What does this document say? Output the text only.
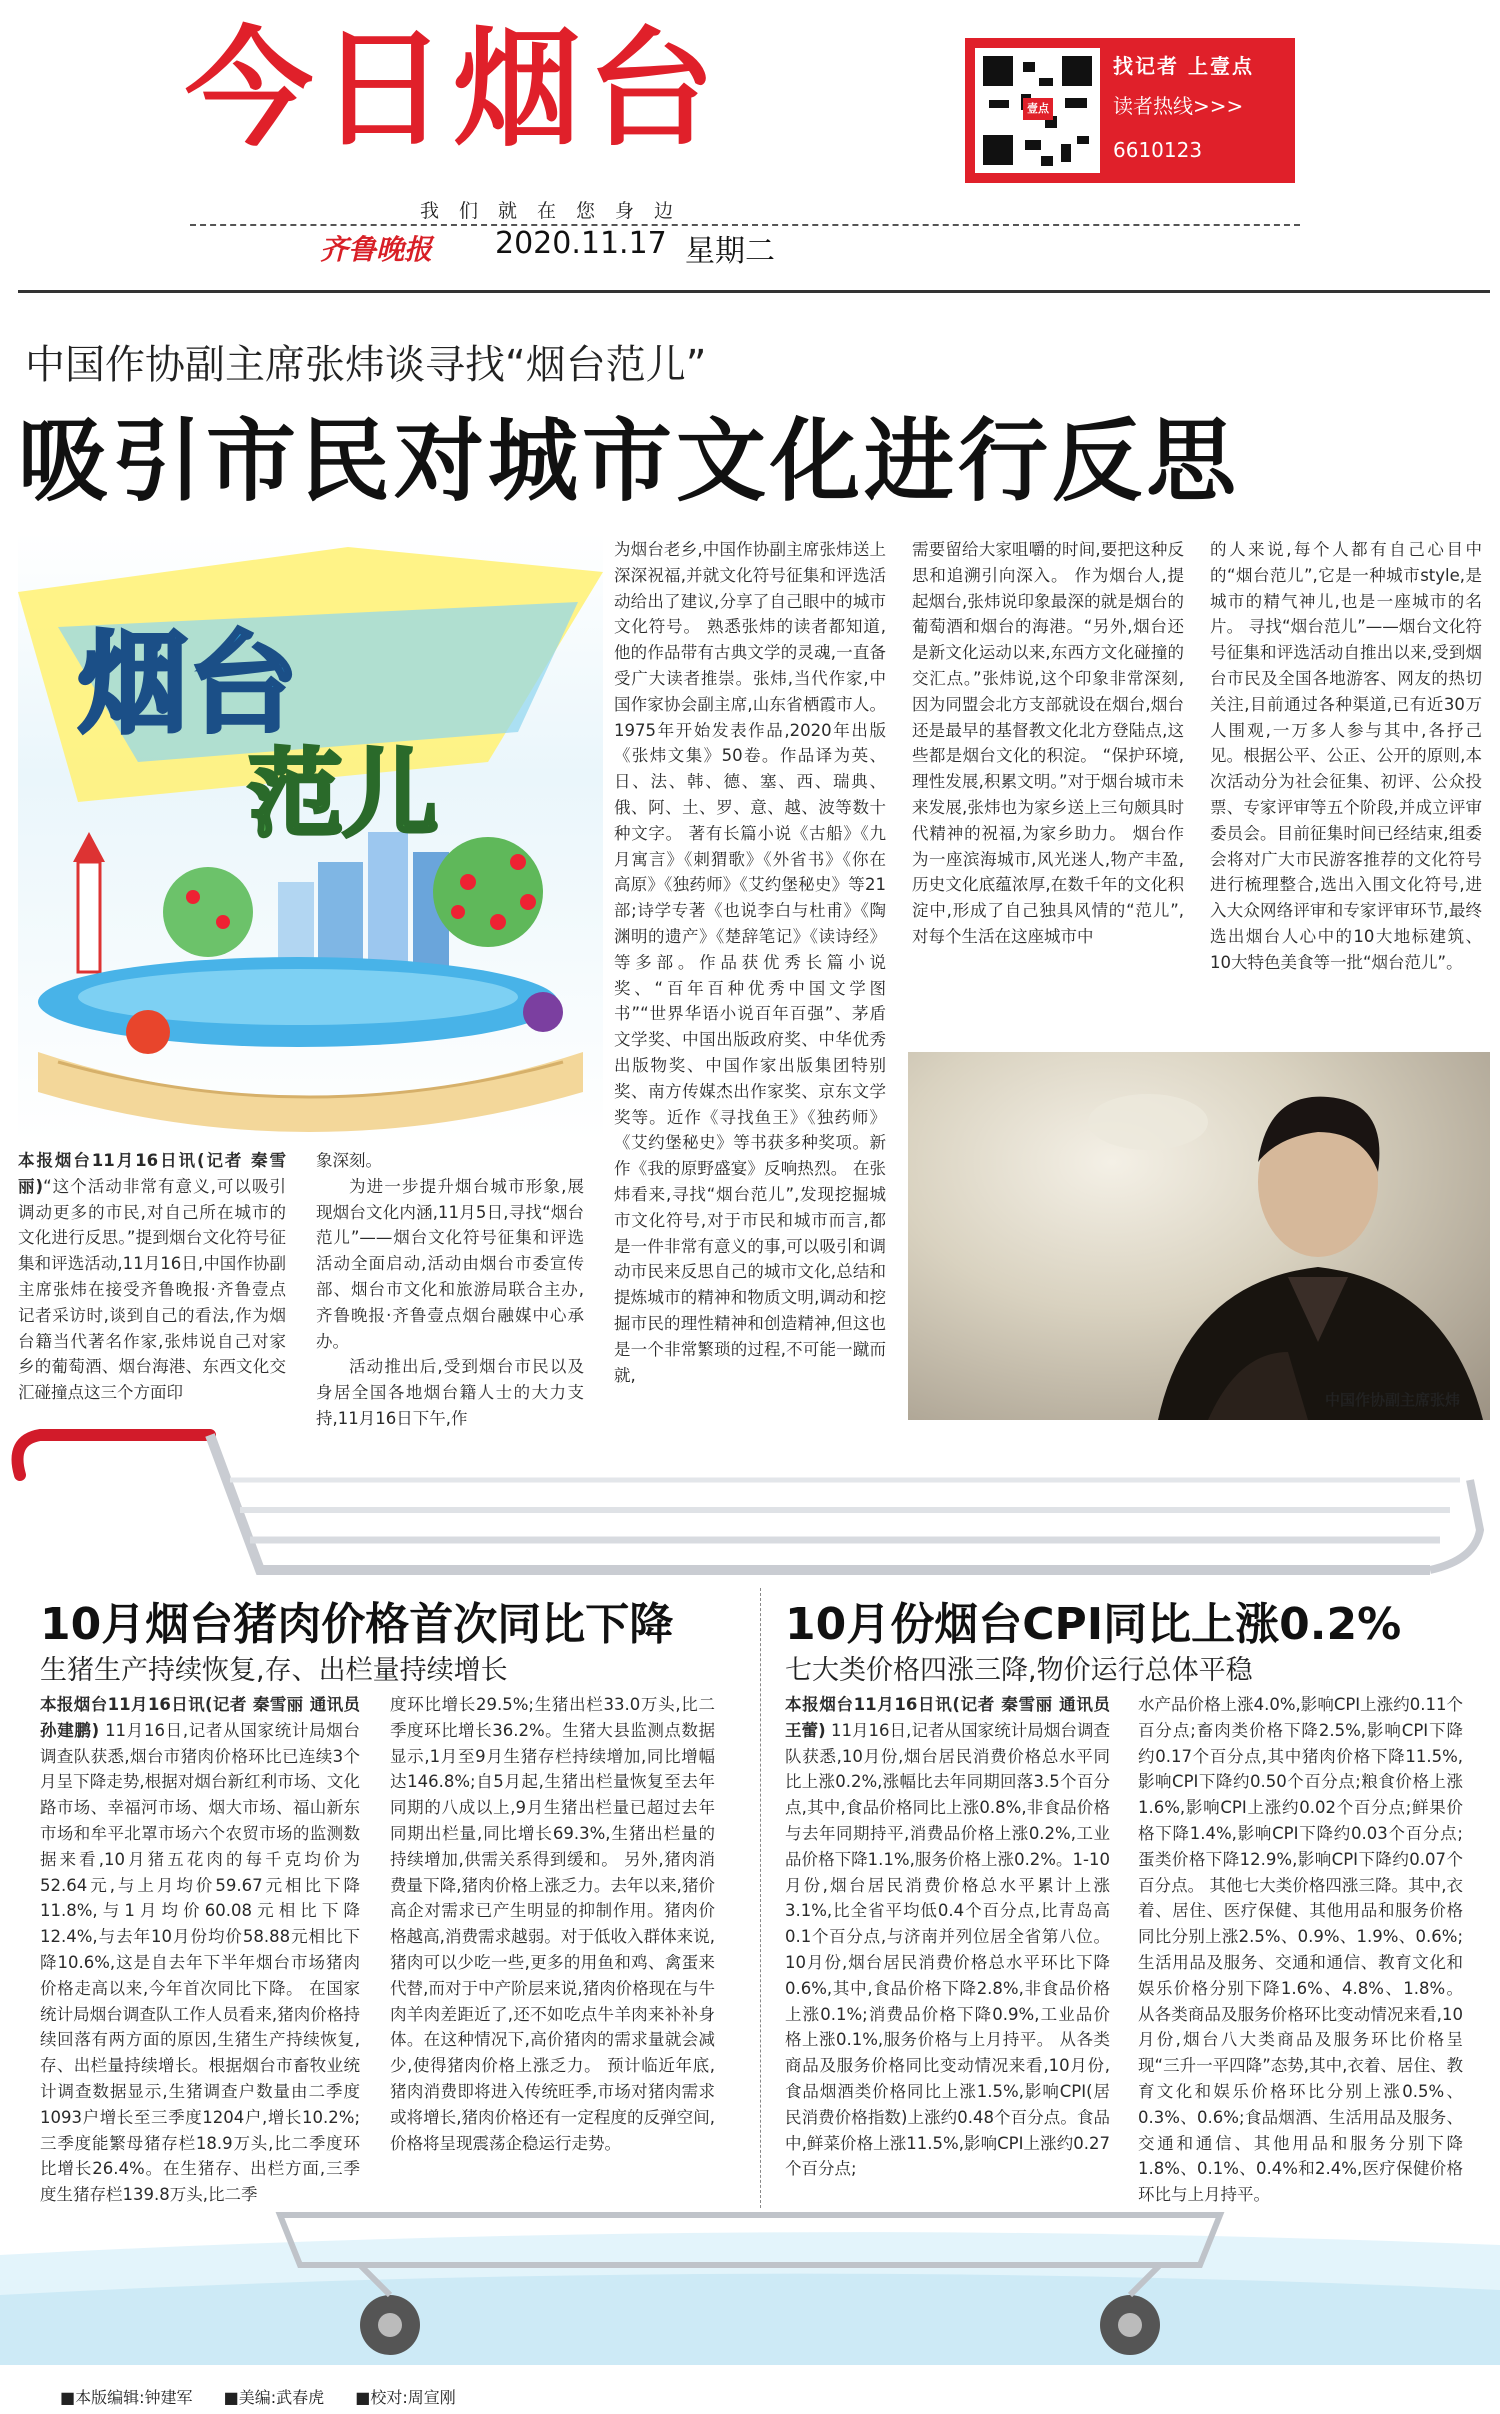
今日烟台	壹点
找记者 上壹点
读者热线>>>
6610123
我们就在您身边
齐鲁晚报 2020.11.17 星期二
中国作协副主席张炜谈寻找“烟台范儿”
吸引市民对城市文化进行反思
烟台
范儿
本报烟台11月16日讯(记者 秦雪丽)“这个活动非常有意义,可以吸引调动更多的市民,对自己所在城市的文化进行反思。”提到烟台文化符号征集和评选活动,11月16日,中国作协副主席张炜在接受齐鲁晚报·齐鲁壹点记者采访时,谈到自己的看法,作为烟台籍当代著名作家,张炜说自己对家乡的葡萄酒、烟台海港、东西文化交汇碰撞点这三个方面印
象深刻。
为进一步提升烟台城市形象,展现烟台文化内涵,11月5日,寻找“烟台范儿”——烟台文化符号征集和评选活动全面启动,活动由烟台市委宣传部、烟台市文化和旅游局联合主办,齐鲁晚报·齐鲁壹点烟台融媒中心承办。
活动推出后,受到烟台市民以及身居全国各地烟台籍人士的大力支持,11月16日下午,作
为烟台老乡,中国作协副主席张炜送上深深祝福,并就文化符号征集和评选活动给出了建议,分享了自己眼中的城市文化符号。 熟悉张炜的读者都知道,他的作品带有古典文学的灵魂,一直备受广大读者推崇。张炜,当代作家,中国作家协会副主席,山东省栖霞市人。1975年开始发表作品,2020年出版《张炜文集》50卷。作品译为英、日、法、韩、德、塞、西、瑞典、俄、阿、土、罗、意、越、波等数十种文字。 著有长篇小说《古船》《九月寓言》《刺猬歌》《外省书》《你在高原》《独药师》《艾约堡秘史》等21部;诗学专著《也说李白与杜甫》《陶渊明的遗产》《楚辞笔记》《读诗经》等多部。作品获优秀长篇小说奖、“百年百种优秀中国文学图书”“世界华语小说百年百强”、茅盾文学奖、中国出版政府奖、中华优秀出版物奖、中国作家出版集团特别奖、南方传媒杰出作家奖、京东文学奖等。近作《寻找鱼王》《独药师》《艾约堡秘史》等书获多种奖项。新作《我的原野盛宴》反响热烈。 在张炜看来,寻找“烟台范儿”,发现挖掘城市文化符号,对于市民和城市而言,都是一件非常有意义的事,可以吸引和调动市民来反思自己的城市文化,总结和提炼城市的精神和物质文明,调动和挖掘市民的理性精神和创造精神,但这也是一个非常繁琐的过程,不可能一蹴而就,
需要留给大家咀嚼的时间,要把这种反思和追溯引向深入。 作为烟台人,提起烟台,张炜说印象最深的就是烟台的葡萄酒和烟台的海港。“另外,烟台还是新文化运动以来,东西方文化碰撞的交汇点。”张炜说,这个印象非常深刻,因为同盟会北方支部就设在烟台,烟台还是最早的基督教文化北方登陆点,这些都是烟台文化的积淀。 “保护环境,理性发展,积累文明。”对于烟台城市未来发展,张炜也为家乡送上三句颇具时代精神的祝福,为家乡助力。 烟台作为一座滨海城市,风光迷人,物产丰盈,历史文化底蕴浓厚,在数千年的文化积淀中,形成了自己独具风情的“范儿”,对每个生活在这座城市中
的人来说,每个人都有自己心目中的“烟台范儿”,它是一种城市style,是城市的精气神儿,也是一座城市的名片。 寻找“烟台范儿”——烟台文化符号征集和评选活动自推出以来,受到烟台市民及全国各地游客、网友的热切关注,目前通过各种渠道,已有近30万人围观,一万多人参与其中,各抒己见。根据公平、公正、公开的原则,本次活动分为社会征集、初评、公众投票、专家评审等五个阶段,并成立评审委员会。目前征集时间已经结束,组委会将对广大市民游客推荐的文化符号进行梳理整合,选出入围文化符号,进入大众网络评审和专家评审环节,最终选出烟台人心中的10大地标建筑、10大特色美食等一批“烟台范儿”。
中国作协副主席张炜
10月烟台猪肉价格首次同比下降
生猪生产持续恢复,存、出栏量持续增长
本报烟台11月16日讯(记者 秦雪丽 通讯员 孙建鹏) 11月16日,记者从国家统计局烟台调查队获悉,烟台市猪肉价格环比已连续3个月呈下降走势,根据对烟台新红利市场、文化路市场、幸福河市场、烟大市场、福山新东市场和牟平北罩市场六个农贸市场的监测数据来看,10月猪五花肉的每千克均价为52.64元,与上月均价59.67元相比下降11.8%,与1月均价60.08元相比下降12.4%,与去年10月份均价58.88元相比下降10.6%,这是自去年下半年烟台市场猪肉价格走高以来,今年首次同比下降。 在国家统计局烟台调查队工作人员看来,猪肉价格持续回落有两方面的原因,生猪生产持续恢复,存、出栏量持续增长。根据烟台市畜牧业统计调查数据显示,生猪调查户数量由二季度1093户增长至三季度1204户,增长10.2%;三季度能繁母猪存栏18.9万头,比二季度环比增长26.4%。在生猪存、出栏方面,三季度生猪存栏139.8万头,比二季
度环比增长29.5%;生猪出栏33.0万头,比二季度环比增长36.2%。生猪大县监测点数据显示,1月至9月生猪存栏持续增加,同比增幅达146.8%;自5月起,生猪出栏量恢复至去年同期的八成以上,9月生猪出栏量已超过去年同期出栏量,同比增长69.3%,生猪出栏量的持续增加,供需关系得到缓和。 另外,猪肉消费量下降,猪肉价格上涨乏力。去年以来,猪价高企对需求已产生明显的抑制作用。猪肉价格越高,消费需求越弱。对于低收入群体来说,猪肉可以少吃一些,更多的用鱼和鸡、禽蛋来代替,而对于中产阶层来说,猪肉价格现在与牛肉羊肉差距近了,还不如吃点牛羊肉来补补身体。在这种情况下,高价猪肉的需求量就会减少,使得猪肉价格上涨乏力。 预计临近年底,猪肉消费即将进入传统旺季,市场对猪肉需求或将增长,猪肉价格还有一定程度的反弹空间,价格将呈现震荡企稳运行走势。
10月份烟台CPI同比上涨0.2%
七大类价格四涨三降,物价运行总体平稳
本报烟台11月16日讯(记者 秦雪丽 通讯员 王蕾) 11月16日,记者从国家统计局烟台调查队获悉,10月份,烟台居民消费价格总水平同比上涨0.2%,涨幅比去年同期回落3.5个百分点,其中,食品价格同比上涨0.8%,非食品价格与去年同期持平,消费品价格上涨0.2%,工业品价格下降1.1%,服务价格上涨0.2%。1-10月份,烟台居民消费价格总水平累计上涨3.1%,比全省平均低0.4个百分点,比青岛高0.1个百分点,与济南并列位居全省第八位。 10月份,烟台居民消费价格总水平环比下降0.6%,其中,食品价格下降2.8%,非食品价格上涨0.1%;消费品价格下降0.9%,工业品价格上涨0.1%,服务价格与上月持平。 从各类商品及服务价格同比变动情况来看,10月份,食品烟酒类价格同比上涨1.5%,影响CPI(居民消费价格指数)上涨约0.48个百分点。食品中,鲜菜价格上涨11.5%,影响CPI上涨约0.27个百分点;
水产品价格上涨4.0%,影响CPI上涨约0.11个百分点;畜肉类价格下降2.5%,影响CPI下降约0.17个百分点,其中猪肉价格下降11.5%,影响CPI下降约0.50个百分点;粮食价格上涨1.6%,影响CPI上涨约0.02个百分点;鲜果价格下降1.4%,影响CPI下降约0.03个百分点;蛋类价格下降12.9%,影响CPI下降约0.07个百分点。 其他七大类价格四涨三降。其中,衣着、居住、医疗保健、其他用品和服务价格同比分别上涨2.5%、0.9%、1.9%、0.6%;生活用品及服务、交通和通信、教育文化和娱乐价格分别下降1.6%、4.8%、1.8%。 从各类商品及服务价格环比变动情况来看,10月份,烟台八大类商品及服务环比价格呈现“三升一平四降”态势,其中,衣着、居住、教育文化和娱乐价格环比分别上涨0.5%、0.3%、0.6%;食品烟酒、生活用品及服务、交通和通信、其他用品和服务分别下降1.8%、0.1%、0.4%和2.4%,医疗保健价格环比与上月持平。
■本版编辑:钟建军 ■美编:武春虎 ■校对:周宣刚
